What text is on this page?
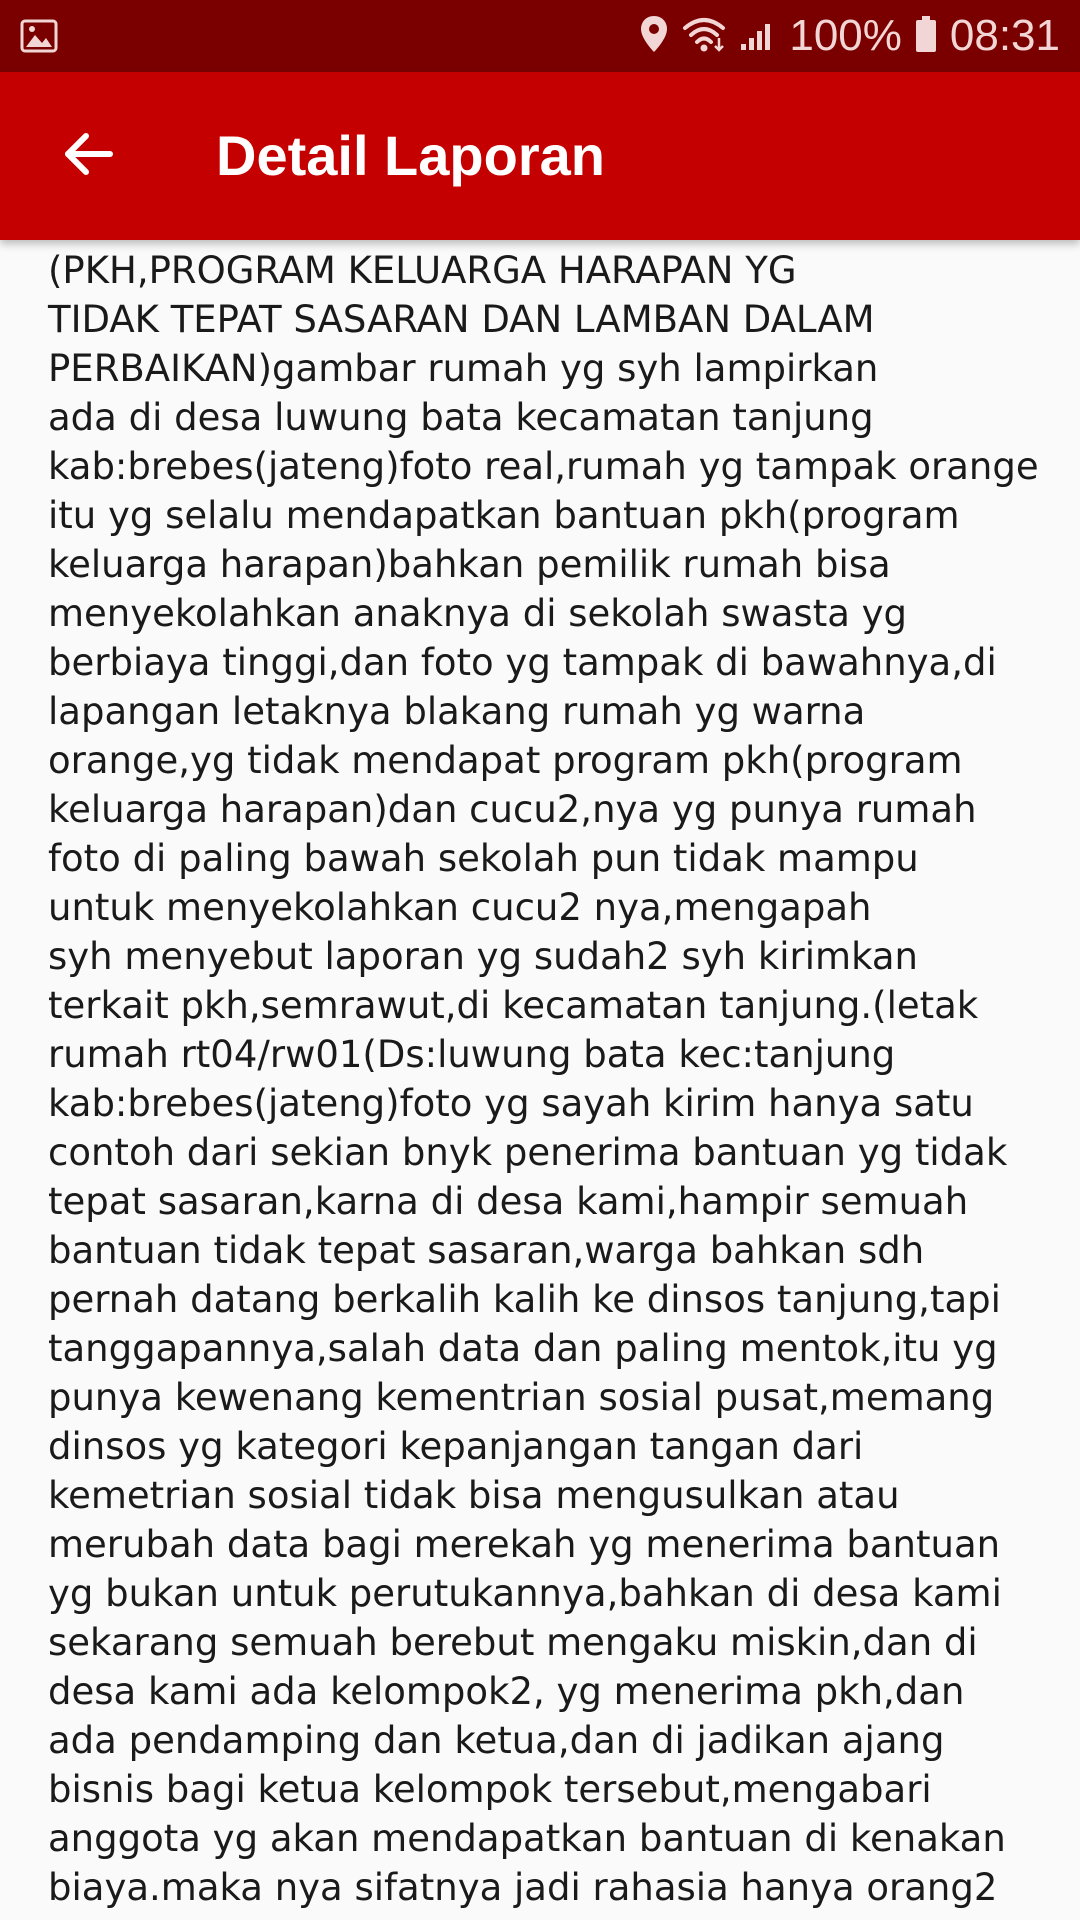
100% 08:31
Detail Laporan

(PKH,PROGRAM KELUARGA HARAPAN YG
TIDAK TEPAT SASARAN DAN LAMBAN DALAM
PERBAIKAN)gambar rumah yg syh lampirkan
ada di desa luwung bata kecamatan tanjung
kab:brebes(jateng)foto real,rumah yg tampak orange
itu yg selalu mendapatkan bantuan pkh(program
keluarga harapan)bahkan pemilik rumah bisa
menyekolahkan anaknya di sekolah swasta yg
berbiaya tinggi,dan foto yg tampak di bawahnya,di
lapangan letaknya blakang rumah yg warna
orange,yg tidak mendapat program pkh(program
keluarga harapan)dan cucu2,nya yg punya rumah
foto di paling bawah sekolah pun tidak mampu
untuk menyekolahkan cucu2 nya,mengapah
syh menyebut laporan yg sudah2 syh kirimkan
terkait pkh,semrawut,di kecamatan tanjung.(letak
rumah rt04/rw01(Ds:luwung bata kec:tanjung
kab:brebes(jateng)foto yg sayah kirim hanya satu
contoh dari sekian bnyk penerima bantuan yg tidak
tepat sasaran,karna di desa kami,hampir semuah
bantuan tidak tepat sasaran,warga bahkan sdh
pernah datang berkalih kalih ke dinsos tanjung,tapi
tanggapannya,salah data dan paling mentok,itu yg
punya kewenang kementrian sosial pusat,memang
dinsos yg kategori kepanjangan tangan dari
kemetrian sosial tidak bisa mengusulkan atau
merubah data bagi merekah yg menerima bantuan
yg bukan untuk perutukannya,bahkan di desa kami
sekarang semuah berebut mengaku miskin,dan di
desa kami ada kelompok2, yg menerima pkh,dan
ada pendamping dan ketua,dan di jadikan ajang
bisnis bagi ketua kelompok tersebut,mengabari
anggota yg akan mendapatkan bantuan di kenakan
biaya.maka nya sifatnya jadi rahasia hanya orang2
